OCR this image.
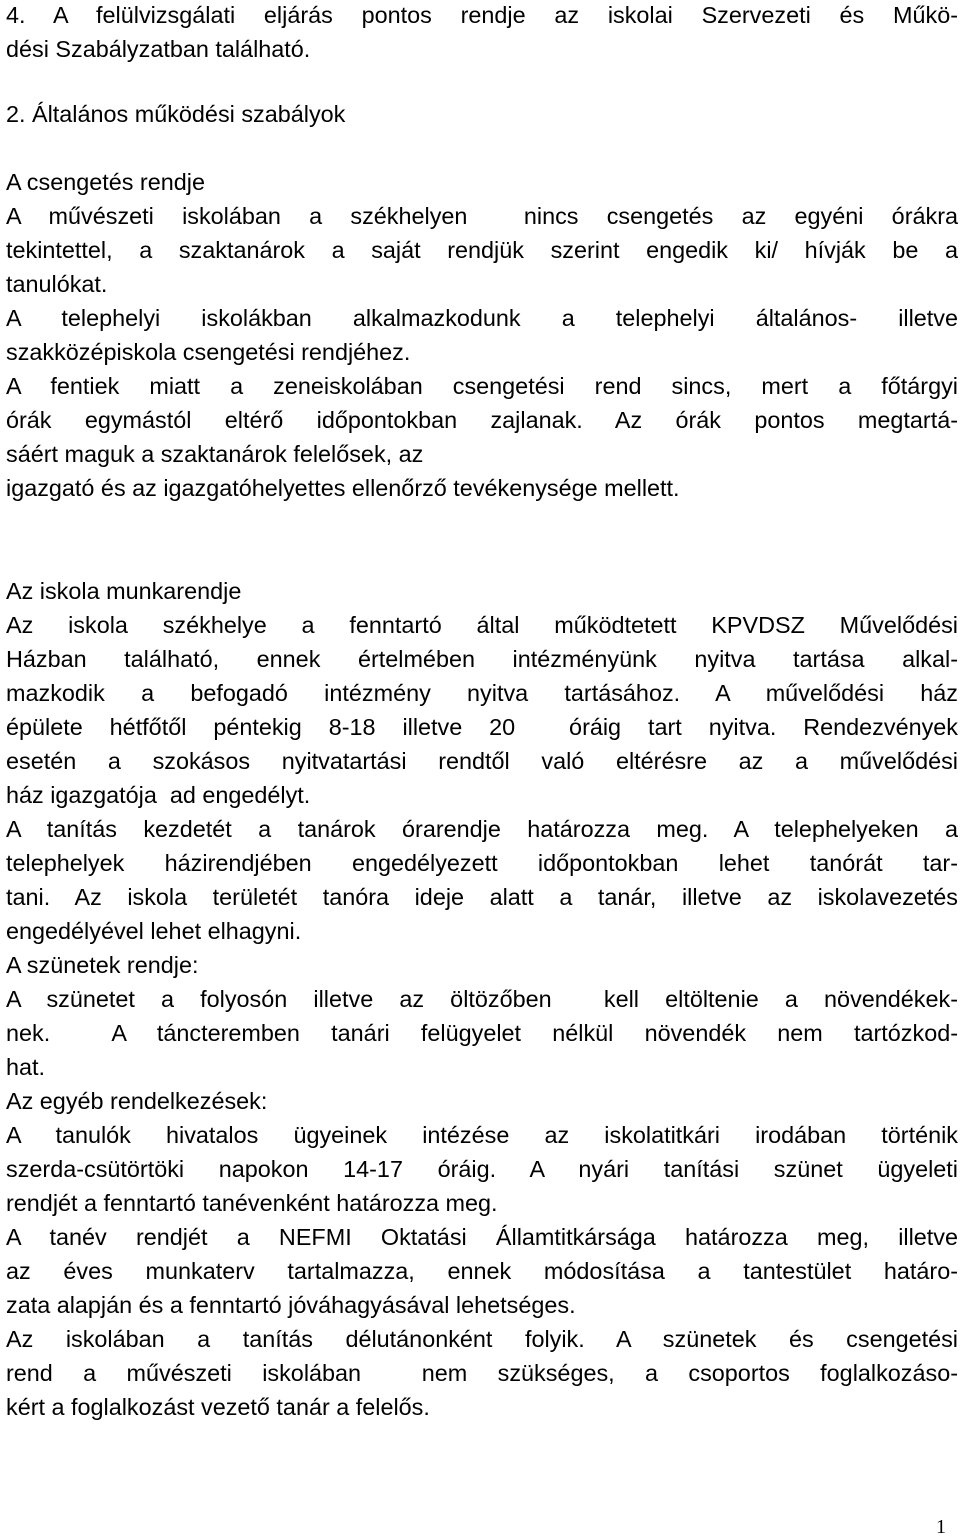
4. A felülvizsgálati eljárás pontos rendje az iskolai Szervezeti és Műkö-
dési Szabályzatban található.
2. Általános működési szabályok
A csengetés rendje
A művészeti iskolában a székhelyen  nincs csengetés az egyéni órákra
tekintettel, a szaktanárok a saját rendjük szerint engedik ki/ hívják be a
tanulókat.
A telephelyi iskolákban alkalmazkodunk a telephelyi általános- illetve
szakközépiskola csengetési rendjéhez.
A fentiek miatt a zeneiskolában csengetési rend sincs, mert a főtárgyi
órák egymástól eltérő időpontokban zajlanak. Az órák pontos megtartá-
sáért maguk a szaktanárok felelősek, az
igazgató és az igazgatóhelyettes ellenőrző tevékenysége mellett.
Az iskola munkarendje
Az iskola székhelye a fenntartó által működtetett KPVDSZ Művelődési
Házban található, ennek értelmében intézményünk nyitva tartása alkal-
mazkodik a befogadó intézmény nyitva tartásához. A művelődési ház
épülete hétfőtől péntekig 8-18 illetve 20  óráig tart nyitva. Rendezvények
esetén a szokásos nyitvatartási rendtől való eltérésre az a művelődési
ház igazgatója  ad engedélyt.
A tanítás kezdetét a tanárok órarendje határozza meg. A telephelyeken a
telephelyek házirendjében engedélyezett időpontokban lehet tanórát tar-
tani. Az iskola területét tanóra ideje alatt a tanár, illetve az iskolavezetés
engedélyével lehet elhagyni.
A szünetek rendje:
A szünetet a folyosón illetve az öltözőben  kell eltöltenie a növendékek-
nek.  A táncteremben tanári felügyelet nélkül növendék nem tartózkod-
hat.
Az egyéb rendelkezések:
A tanulók hivatalos ügyeinek intézése az iskolatitkári irodában történik
szerda-csütörtöki napokon 14-17 óráig. A nyári tanítási szünet ügyeleti
rendjét a fenntartó tanévenként határozza meg.
A tanév rendjét a NEFMI Oktatási Államtitkársága határozza meg, illetve
az éves munkaterv tartalmazza, ennek módosítása a tantestület határo-
zata alapján és a fenntartó jóváhagyásával lehetséges.
Az iskolában a tanítás délutánonként folyik. A szünetek és csengetési
rend a művészeti iskolában  nem szükséges, a csoportos foglalkozáso-
kért a foglalkozást vezető tanár a felelős.
1
